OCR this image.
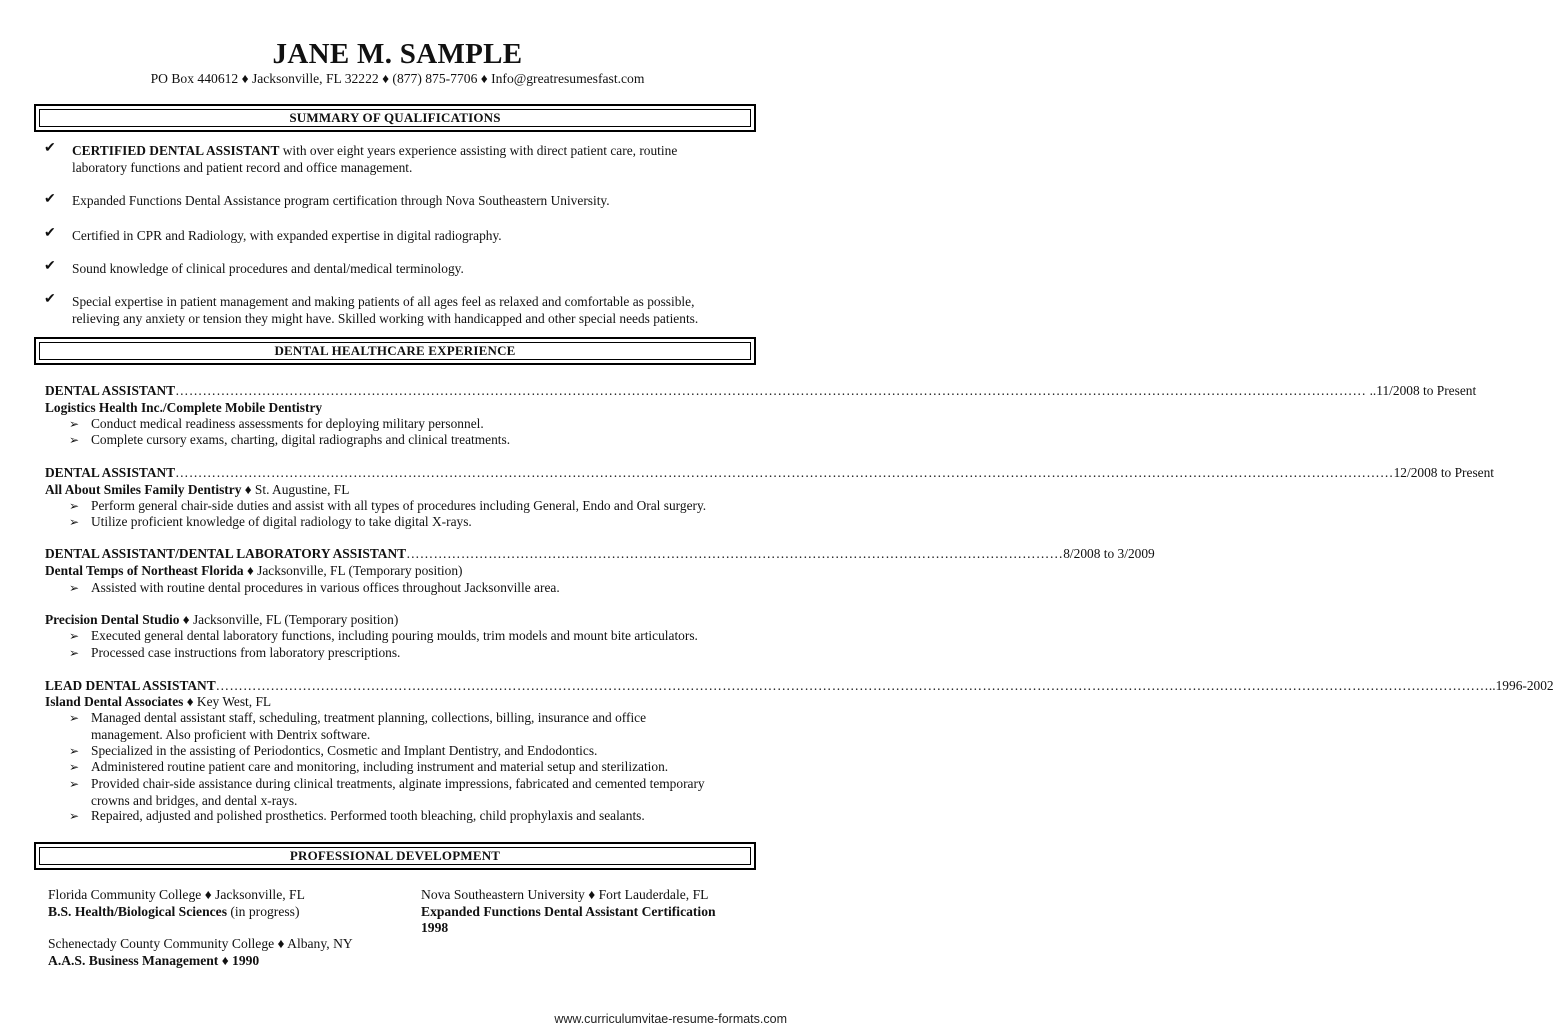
JANE M. SAMPLE
PO Box 440612 ♦ Jacksonville, FL 32222 ♦ (877) 875-7706 ♦ Info@greatresumesfast.com
SUMMARY OF QUALIFICATIONS
✔ CERTIFIED DENTAL ASSISTANT with over eight years experience assisting with direct patient care, routine
laboratory functions and patient record and office management.
✔ Expanded Functions Dental Assistance program certification through Nova Southeastern University.
✔ Certified in CPR and Radiology, with expanded expertise in digital radiography.
✔ Sound knowledge of clinical procedures and dental/medical terminology.
✔ Special expertise in patient management and making patients of all ages feel as relaxed and comfortable as possible,
relieving any anxiety or tension they might have. Skilled working with handicapped and other special needs patients.
DENTAL HEALTHCARE EXPERIENCE
DENTAL ASSISTANT……………………………………………………………………………………………………………………………………………………………………………………………………………………………………… ..11/2008 to Present
Logistics Health Inc./Complete Mobile Dentistry
➢ Conduct medical readiness assessments for deploying military personnel.
➢ Complete cursory exams, charting, digital radiographs and clinical treatments.
DENTAL ASSISTANT……………………………………………………………………………………………………………………………………………………………………………………………………………………………………………12/2008 to Present
All About Smiles Family Dentistry ♦ St. Augustine, FL
➢ Perform general chair-side duties and assist with all types of procedures including General, Endo and Oral surgery.
➢ Utilize proficient knowledge of digital radiology to take digital X-rays.
DENTAL ASSISTANT/DENTAL LABORATORY ASSISTANT………………………………………………………………………………………………………………………………8/2008 to 3/2009
Dental Temps of Northeast Florida ♦ Jacksonville, FL (Temporary position)
➢ Assisted with routine dental procedures in various offices throughout Jacksonville area.
Precision Dental Studio ♦ Jacksonville, FL (Temporary position)
➢ Executed general dental laboratory functions, including pouring moulds, trim models and mount bite articulators.
➢ Processed case instructions from laboratory prescriptions.
LEAD DENTAL ASSISTANT………………………………………………………………………………………………………………………………………………………………………………………………………………………………………………………..1996-2002
Island Dental Associates ♦ Key West, FL
➢ Managed dental assistant staff, scheduling, treatment planning, collections, billing, insurance and office
management. Also proficient with Dentrix software.
➢ Specialized in the assisting of Periodontics, Cosmetic and Implant Dentistry, and Endodontics.
➢ Administered routine patient care and monitoring, including instrument and material setup and sterilization.
➢ Provided chair-side assistance during clinical treatments, alginate impressions, fabricated and cemented temporary
crowns and bridges, and dental x-rays.
➢ Repaired, adjusted and polished prosthetics. Performed tooth bleaching, child prophylaxis and sealants.
PROFESSIONAL DEVELOPMENT
Florida Community College ♦ Jacksonville, FL
B.S. Health/Biological Sciences (in progress)
Nova Southeastern University ♦ Fort Lauderdale, FL
Expanded Functions Dental Assistant Certification
1998
Schenectady County Community College ♦ Albany, NY
A.A.S. Business Management ♦ 1990
www.curriculumvitae-resume-formats.com
